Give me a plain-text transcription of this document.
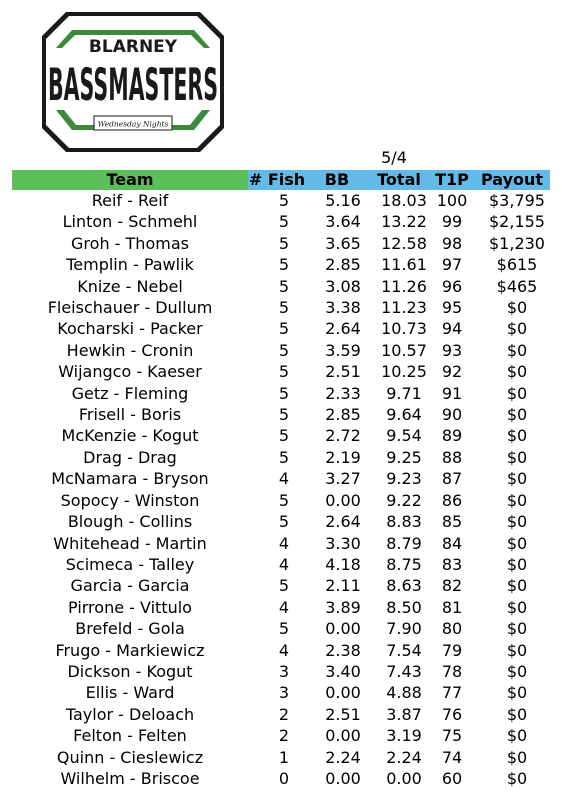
BLARNEY
BASSMASTERS
Wednesday Nights
5/4
Team	# Fish	BB	Total	T1P	Payout
Reif - Reif	5	5.16	18.03	100	$3,795
Linton - Schmehl	5	3.64	13.22	99	$2,155
Groh - Thomas	5	3.65	12.58	98	$1,230
Templin - Pawlik	5	2.85	11.61	97	$615
Knize - Nebel	5	3.08	11.26	96	$465
Fleischauer - Dullum	5	3.38	11.23	95	$0
Kocharski - Packer	5	2.64	10.73	94	$0
Hewkin - Cronin	5	3.59	10.57	93	$0
Wijangco - Kaeser	5	2.51	10.25	92	$0
Getz - Fleming	5	2.33	9.71	91	$0
Frisell - Boris	5	2.85	9.64	90	$0
McKenzie - Kogut	5	2.72	9.54	89	$0
Drag - Drag	5	2.19	9.25	88	$0
McNamara - Bryson	4	3.27	9.23	87	$0
Sopocy - Winston	5	0.00	9.22	86	$0
Blough - Collins	5	2.64	8.83	85	$0
Whitehead - Martin	4	3.30	8.79	84	$0
Scimeca - Talley	4	4.18	8.75	83	$0
Garcia - Garcia	5	2.11	8.63	82	$0
Pirrone - Vittulo	4	3.89	8.50	81	$0
Brefeld - Gola	5	0.00	7.90	80	$0
Frugo - Markiewicz	4	2.38	7.54	79	$0
Dickson - Kogut	3	3.40	7.43	78	$0
Ellis - Ward	3	0.00	4.88	77	$0
Taylor - Deloach	2	2.51	3.87	76	$0
Felton - Felten	2	0.00	3.19	75	$0
Quinn - Cieslewicz	1	2.24	2.24	74	$0
Wilhelm - Briscoe	0	0.00	0.00	60	$0
